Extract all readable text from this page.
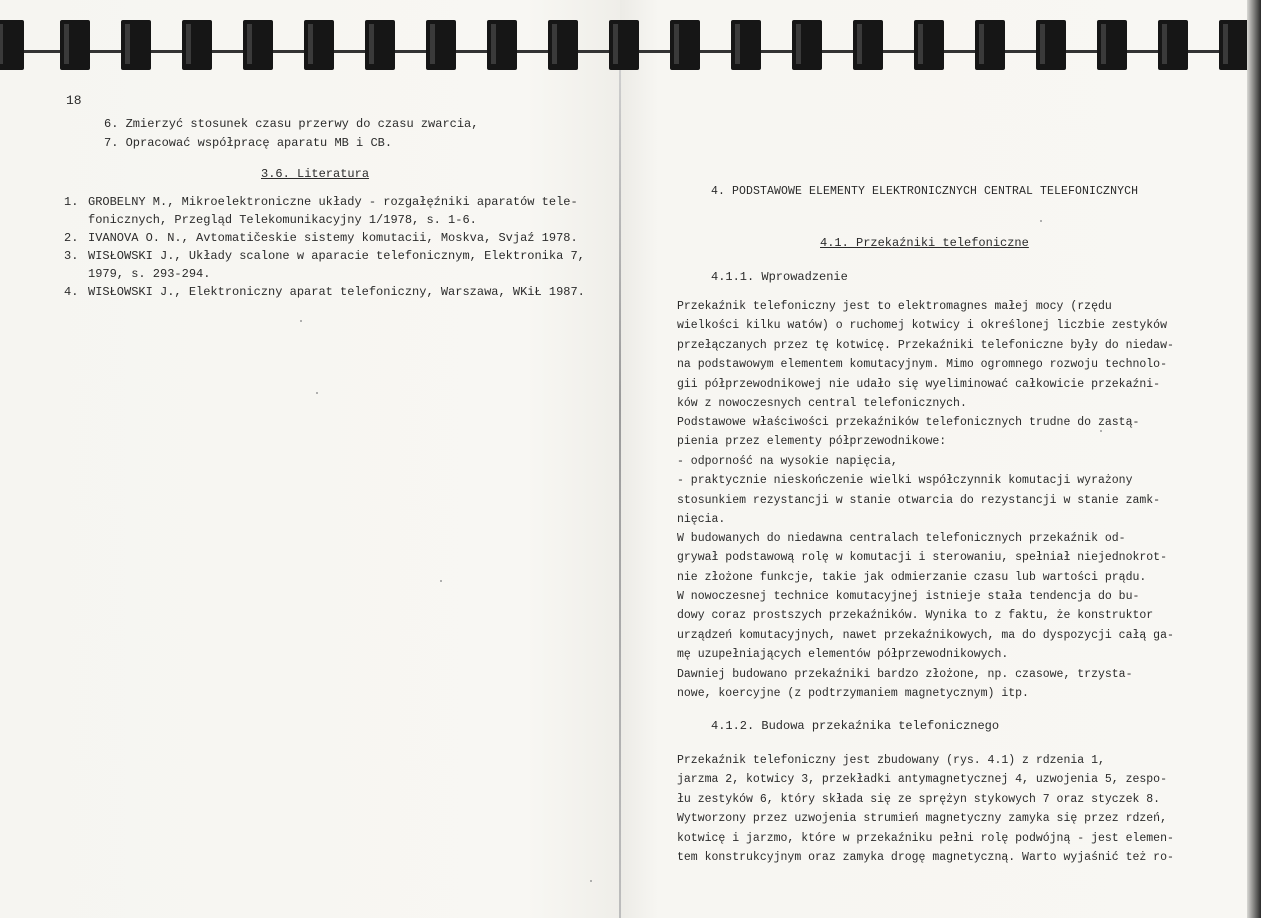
18
6. Zmierzyć stosunek czasu przerwy do czasu zwarcia,
7. Opracować współpracę aparatu MB i CB.
3.6. Literatura
1. GROBELNY M., Mikroelektroniczne układy - rozgałęźniki aparatów tele-
fonicznych, Przegląd Telekomunikacyjny 1/1978, s. 1-6.
2. IVANOVA O. N., Avtomatičeskie sistemy komutacii, Moskva, Svjaź 1978.
3. WISŁOWSKI J., Układy scalone w aparacie telefonicznym, Elektronika 7,
1979, s. 293-294.
4. WISŁOWSKI J., Elektroniczny aparat telefoniczny, Warszawa, WKiŁ 1987.
4. PODSTAWOWE ELEMENTY ELEKTRONICZNYCH CENTRAL TELEFONICZNYCH
4.1. Przekaźniki telefoniczne
4.1.1. Wprowadzenie
Przekaźnik telefoniczny jest to elektromagnes małej mocy (rzędu
wielkości kilku watów) o ruchomej kotwicy i określonej liczbie zestyków
przełączanych przez tę kotwicę. Przekaźniki telefoniczne były do niedaw-
na podstawowym elementem komutacyjnym. Mimo ogromnego rozwoju technolo-
gii półprzewodnikowej nie udało się wyeliminować całkowicie przekaźni-
ków z nowoczesnych central telefonicznych.
Podstawowe właściwości przekaźników telefonicznych trudne do zastą-
pienia przez elementy półprzewodnikowe:
- odporność na wysokie napięcia,
- praktycznie nieskończenie wielki współczynnik komutacji wyrażony
stosunkiem rezystancji w stanie otwarcia do rezystancji w stanie zamk-
nięcia.
W budowanych do niedawna centralach telefonicznych przekaźnik od-
grywał podstawową rolę w komutacji i sterowaniu, spełniał niejednokrot-
nie złożone funkcje, takie jak odmierzanie czasu lub wartości prądu.
W nowoczesnej technice komutacyjnej istnieje stała tendencja do bu-
dowy coraz prostszych przekaźników. Wynika to z faktu, że konstruktor
urządzeń komutacyjnych, nawet przekaźnikowych, ma do dyspozycji całą ga-
mę uzupełniających elementów półprzewodnikowych.
Dawniej budowano przekaźniki bardzo złożone, np. czasowe, trzysta-
nowe, koercyjne (z podtrzymaniem magnetycznym) itp.
4.1.2. Budowa przekaźnika telefonicznego
Przekaźnik telefoniczny jest zbudowany (rys. 4.1) z rdzenia 1,
jarzma 2, kotwicy 3, przekładki antymagnetycznej 4, uzwojenia 5, zespo-
łu zestyków 6, który składa się ze sprężyn stykowych 7 oraz styczek 8.
Wytworzony przez uzwojenia strumień magnetyczny zamyka się przez rdzeń,
kotwicę i jarzmo, które w przekaźniku pełni rolę podwójną - jest elemen-
tem konstrukcyjnym oraz zamyka drogę magnetyczną. Warto wyjaśnić też ro-
